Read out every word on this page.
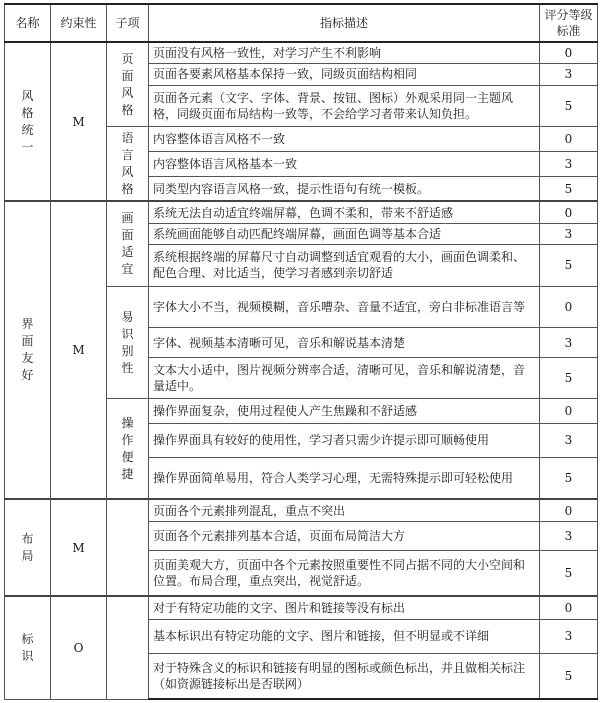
名称	约束性	子项	指标描述	评分等级标准
风格统一	M	页面风格	页面没有风格一致性，对学习产生不利影响	0
			页面各要素风格基本保持一致，同级页面结构相同	3
			页面各元素（文字、字体、背景、按钮、图标）外观采用同一主题风格，同级页面布局结构一致等，不会给学习者带来认知负担。	5
		语言风格	内容整体语言风格不一致	0
			内容整体语言风格基本一致	3
			同类型内容语言风格一致，提示性语句有统一模板。	5
界面友好	M	画面适宜	系统无法自动适宜终端屏幕，色调不柔和，带来不舒适感	0
			系统画面能够自动匹配终端屏幕，画面色调等基本合适	3
			系统根据终端的屏幕尺寸自动调整到适宜观看的大小，画面色调柔和、配色合理、对比适当，使学习者感到亲切舒适	5
		易识别性	字体大小不当，视频模糊，音乐嘈杂、音量不适宜，旁白非标准语言等	0
			字体、视频基本清晰可见，音乐和解说基本清楚	3
			文本大小适中，图片视频分辨率合适，清晰可见，音乐和解说清楚，音量适中。	5
		操作便捷	操作界面复杂，使用过程使人产生焦躁和不舒适感	0
			操作界面具有较好的使用性，学习者只需少许提示即可顺畅使用	3
			操作界面简单易用，符合人类学习心理，无需特殊提示即可轻松使用	5
布局	M		页面各个元素排列混乱，重点不突出	0
			页面各个元素排列基本合适，页面布局简洁大方	3
			页面美观大方，页面中各个元素按照重要性不同占据不同的大小空间和位置。布局合理，重点突出，视觉舒适。	5
标识	O		对于有特定功能的文字、图片和链接等没有标出	0
			基本标识出有特定功能的文字、图片和链接，但不明显或不详细	3
			对于特殊含义的标识和链接有明显的图标或颜色标出，并且做相关标注（如资源链接标出是否联网）	5
